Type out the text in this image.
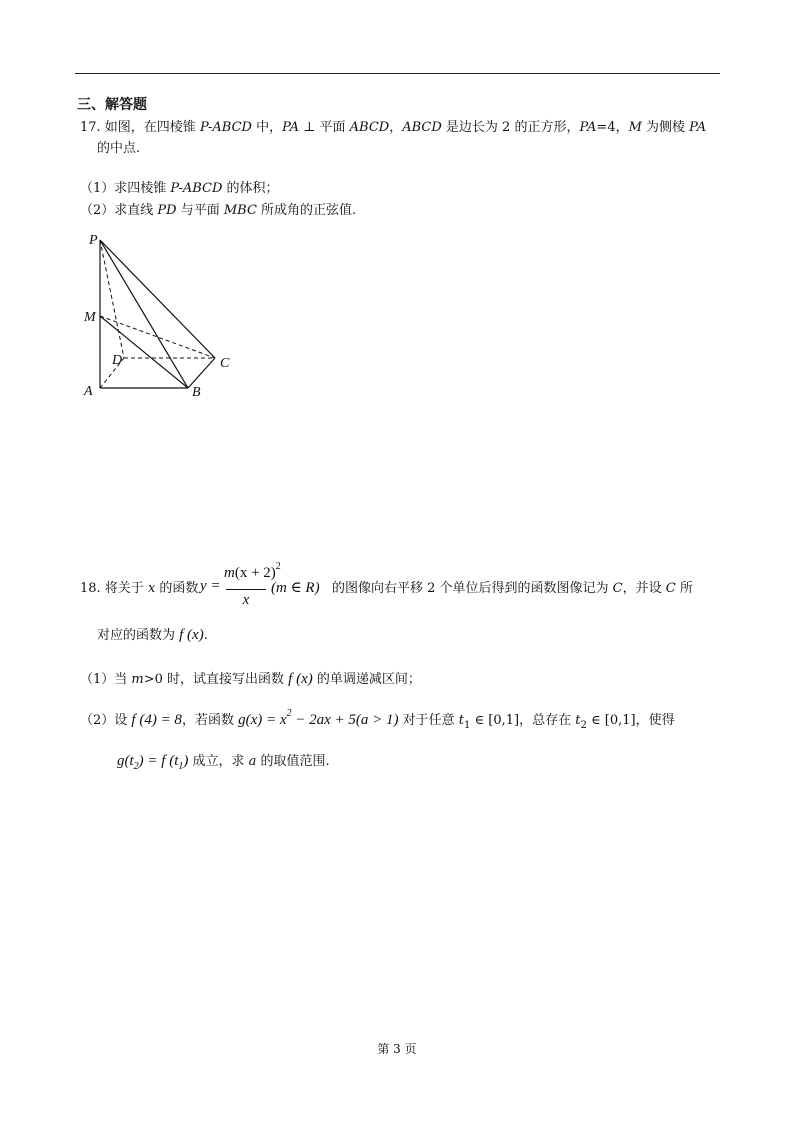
三、解答题
17. 如图，在四棱锥 P-ABCD 中，PA ⊥ 平面 ABCD，ABCD 是边长为 2 的正方形，PA=4，M 为侧棱 PA
的中点.
（1）求四棱锥 P-ABCD 的体积；
（2）求直线 PD 与平面 MBC 所成角的正弦值.
P
M
D	C
A	B
18. 将关于 x 的函数 y =
$m(x + 2)^2$
x
(m ∈ R) 的图像向右平移 2 个单位后得到的函数图像记为 C，并设 C 所
对应的函数为 f (x).
（1）当 m>0 时，试直接写出函数 f (x) 的单调递减区间；
（2）设 f (4) = 8，若函数 $g(x) = x^2 - 2ax + 5(a > 1)$ 对于任意 $t_1$ ∈ [0,1]，总存在 $t_2$ ∈ [0,1]，使得
$g(t_2) = f$ $(t_1)$ 成立，求 a 的取值范围.
第 3 页
